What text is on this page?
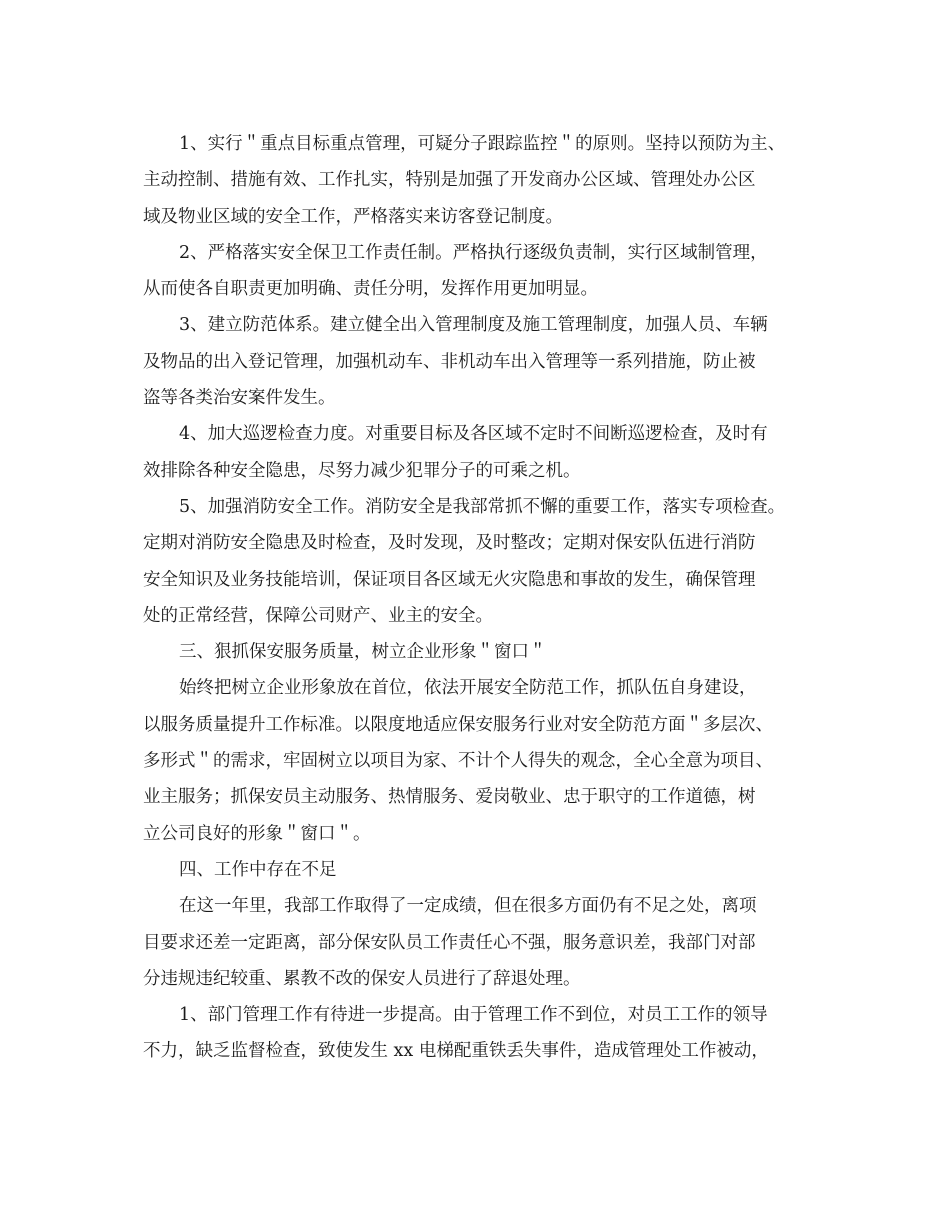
1、实行＂重点目标重点管理，可疑分子跟踪监控＂的原则。坚持以预防为主、
主动控制、措施有效、工作扎实，特别是加强了开发商办公区域、管理处办公区
域及物业区域的安全工作，严格落实来访客登记制度。

2、严格落实安全保卫工作责任制。严格执行逐级负责制，实行区域制管理，
从而使各自职责更加明确、责任分明，发挥作用更加明显。

3、建立防范体系。建立健全出入管理制度及施工管理制度，加强人员、车辆
及物品的出入登记管理，加强机动车、非机动车出入管理等一系列措施，防止被
盗等各类治安案件发生。

4、加大巡逻检查力度。对重要目标及各区域不定时不间断巡逻检查，及时有
效排除各种安全隐患，尽努力减少犯罪分子的可乘之机。

5、加强消防安全工作。消防安全是我部常抓不懈的重要工作，落实专项检查。
定期对消防安全隐患及时检查，及时发现，及时整改；定期对保安队伍进行消防
安全知识及业务技能培训，保证项目各区域无火灾隐患和事故的发生，确保管理
处的正常经营，保障公司财产、业主的安全。

三、狠抓保安服务质量，树立企业形象＂窗口＂

始终把树立企业形象放在首位，依法开展安全防范工作，抓队伍自身建设，
以服务质量提升工作标准。以限度地适应保安服务行业对安全防范方面＂多层次、
多形式＂的需求，牢固树立以项目为家、不计个人得失的观念，全心全意为项目、
业主服务；抓保安员主动服务、热情服务、爱岗敬业、忠于职守的工作道德，树
立公司良好的形象＂窗口＂。

四、工作中存在不足

在这一年里，我部工作取得了一定成绩，但在很多方面仍有不足之处，离项
目要求还差一定距离，部分保安队员工作责任心不强，服务意识差，我部门对部
分违规违纪较重、累教不改的保安人员进行了辞退处理。

1、部门管理工作有待进一步提高。由于管理工作不到位，对员工工作的领导
不力，缺乏监督检查，致使发生 xx 电梯配重铁丢失事件，造成管理处工作被动，
